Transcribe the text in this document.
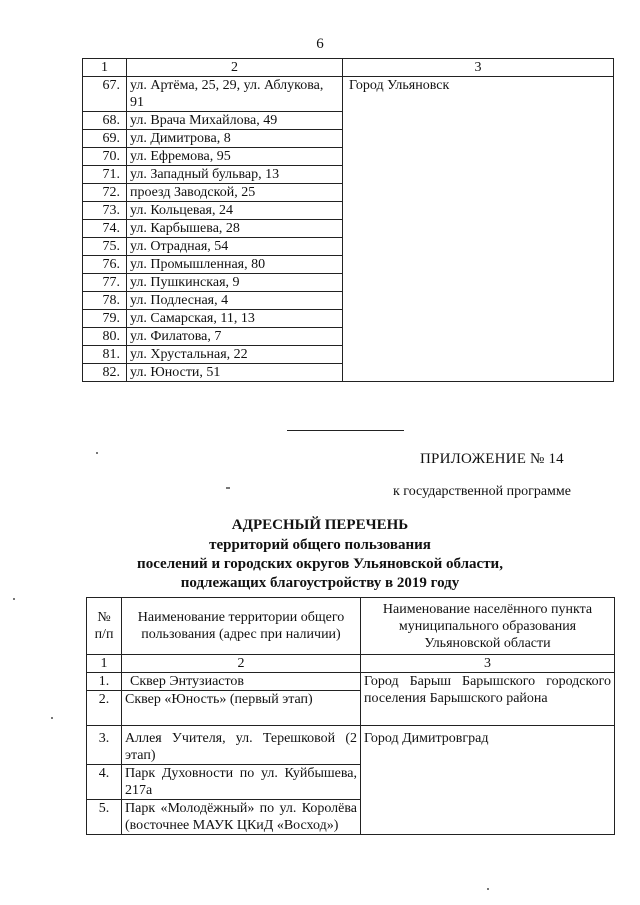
6
1	2	3
67.	ул. Артёма, 25, 29, ул. Аблукова, 91	Город Ульяновск
68.	ул. Врача Михайлова, 49	
69.	ул. Димитрова, 8	
70.	ул. Ефремова, 95	
71.	ул. Западный бульвар, 13	
72.	проезд Заводской, 25	
73.	ул. Кольцевая, 24	
74.	ул. Карбышева, 28	
75.	ул. Отрадная, 54	
76.	ул. Промышленная, 80	
77.	ул. Пушкинская, 9	
78.	ул. Подлесная, 4	
79.	ул. Самарская, 11, 13	
80.	ул. Филатова, 7	
81.	ул. Хрустальная, 22	
82.	ул. Юности, 51	
ПРИЛОЖЕНИЕ № 14
к государственной программе
АДРЕСНЫЙ ПЕРЕЧЕНЬ
территорий общего пользования
поселений и городских округов Ульяновской области,
подлежащих благоустройству в 2019 году
№ п/п	Наименование территории общего пользования (адрес при наличии)	Наименование населённого пункта муниципального образования Ульяновской области
1	2	3
1.	Сквер Энтузиастов	Город Барыш Барышского городского поселения Барышского района
2.	Сквер «Юность» (первый этап)	
3.	Аллея Учителя, ул. Терешковой (2 этап)	Город Димитровград
4.	Парк Духовности по ул. Куйбышева, 217а	
5.	Парк «Молодёжный» по ул. Королёва (восточнее МАУК ЦКиД «Восход»)	
